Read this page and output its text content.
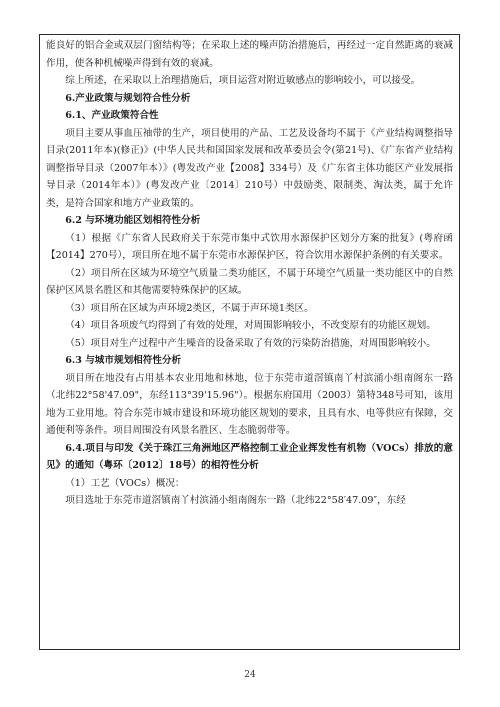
能良好的铝合金或双层门窗结构等；在采取上述的噪声防治措施后，再经过一定自然距离的衰减作用，使各种机械噪声得到有效的衰减。

综上所述，在采取以上治理措施后，项目运营对附近敏感点的影响较小，可以接受。

6.产业政策与规划符合性分析

6.1、产业政策符合性

项目主要从事血压袖带的生产，项目使用的产品、工艺及设备均不属于《产业结构调整指导目录(2011年本)(修正)》(中华人民共和国国家发展和改革委员会令(第21号)、《广东省产业结构调整指导目录（2007年本）》(粤发改产业【2008】334号）及《广东省主体功能区产业发展指导目录（2014年本）》(粤发改产业〔2014〕210号）中鼓励类、限制类、淘汰类，属于允许类，是符合国家和地方产业政策的。

6.2 与环境功能区划相符性分析

（1）根据《广东省人民政府关于东莞市集中式饮用水源保护区划分方案的批复》(粤府函【2014】270号），项目所在地不属于东莞市水源保护区，符合饮用水源保护条例的有关要求。

（2）项目所在区域为环境空气质量二类功能区，不属于环境空气质量一类功能区中的自然保护区风景名胜区和其他需要特殊保护的区域。

（3）项目所在区域为声环境2类区，不属于声环境1类区。

（4）项目各项废气均得到了有效的处理，对周围影响较小，不改变原有的功能区规划。

（5）项目对生产过程中产生噪音的设备采取了有效的污染防治措施，对周围影响较小。

6.3 与城市规划相符性分析

项目所在地没有占用基本农业用地和林地，位于东莞市道滘镇南丫村滨涌小组南阁东一路（北纬22°58'47.09"，东经113°39'15.96"）。根据东府国用（2003）第特348号可知，该用地为工业用地。符合东莞市城市建设和环境功能区规划的要求，且具有水、电等供应有保障，交通便利等条件。项目周围没有风景名胜区、生态脆弱带等。

6.4.项目与印发《关于珠江三角洲地区严格控制工业企业挥发性有机物（VOCs）排放的意见》的通知（粤环〔2012〕18号）的相符性分析

（1）工艺（VOCs）概况：

项目选址于东莞市道滘镇南丫村滨涌小组南阁东一路（北纬22°58′47.09″，东经

24
